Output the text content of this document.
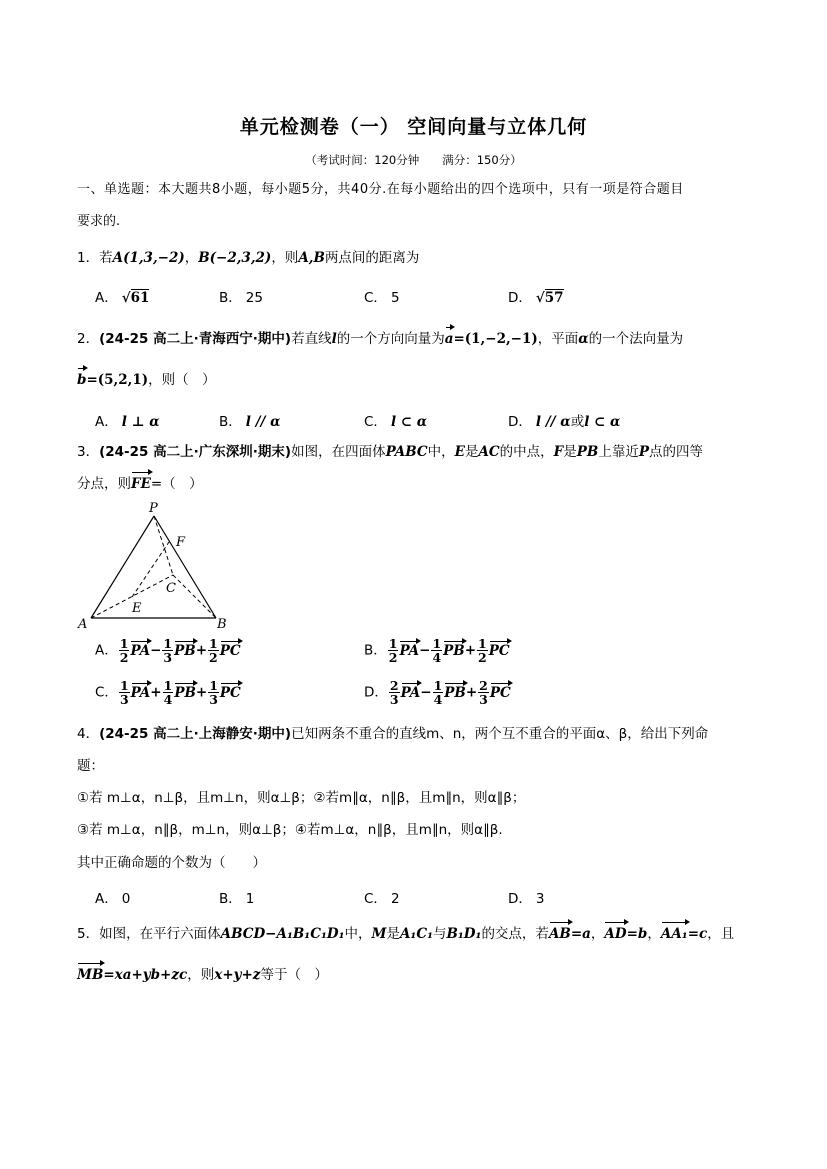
单元检测卷（一） 空间向量与立体几何
（考试时间：120分钟　　满分：150分）
一、单选题：本大题共8小题，每小题5分，共40分.在每小题给出的四个选项中，只有一项是符合题目
要求的.
1．若A(1,3,−2)，B(−2,3,2)，则A,B两点间的距离为
A． √61	B． 25	C． 5	D． √57
2．(24-25 高二上·青海西宁·期中)若直线l的一个方向向量为a=(1,−2,−1)，平面α的一个法向量为
b=(5,2,1)，则（　）
A． l ⊥ α	B． l // α	C． l ⊂ α	D． l // α或l ⊂ α
3．(24-25 高二上·广东深圳·期末)如图，在四面体PABC中，E是AC的中点，F是PB上靠近P点的四等
分点，则FE=（　）
P
A	B
C
E
F
A． $\frac{1}{2} PA- \frac{1}{3} PB+ \frac{1}{2}$ PC	B． $\frac{1}{2} PA- \frac{1}{4} PB+ \frac{1}{2}$ PC
C． $\frac{1}{3} PA+ \frac{1}{4} PB+ \frac{1}{3}$ PC	D． $\frac{2}{3} PA- \frac{1}{4} PB+ \frac{2}{3}$ PC
4．(24-25 高二上·上海静安·期中)已知两条不重合的直线m、n，两个互不重合的平面α、β，给出下列命
题：
①若 m⊥α，n⊥β，且m⊥n，则α⊥β；②若m∥α，n∥β，且m∥n，则α∥β；
③若 m⊥α，n∥β，m⊥n，则α⊥β；④若m⊥α，n∥β，且m∥n，则α∥β.
其中正确命题的个数为（　　）
A． 0	B． 1	C． 2	D． 3
5．如图，在平行六面体ABCD−A₁B₁C₁D₁中，M是A₁C₁与B₁D₁的交点，若AB=a，AD=b，AA₁=c，且
MB=xa+yb+zc，则x+y+z等于（　）
